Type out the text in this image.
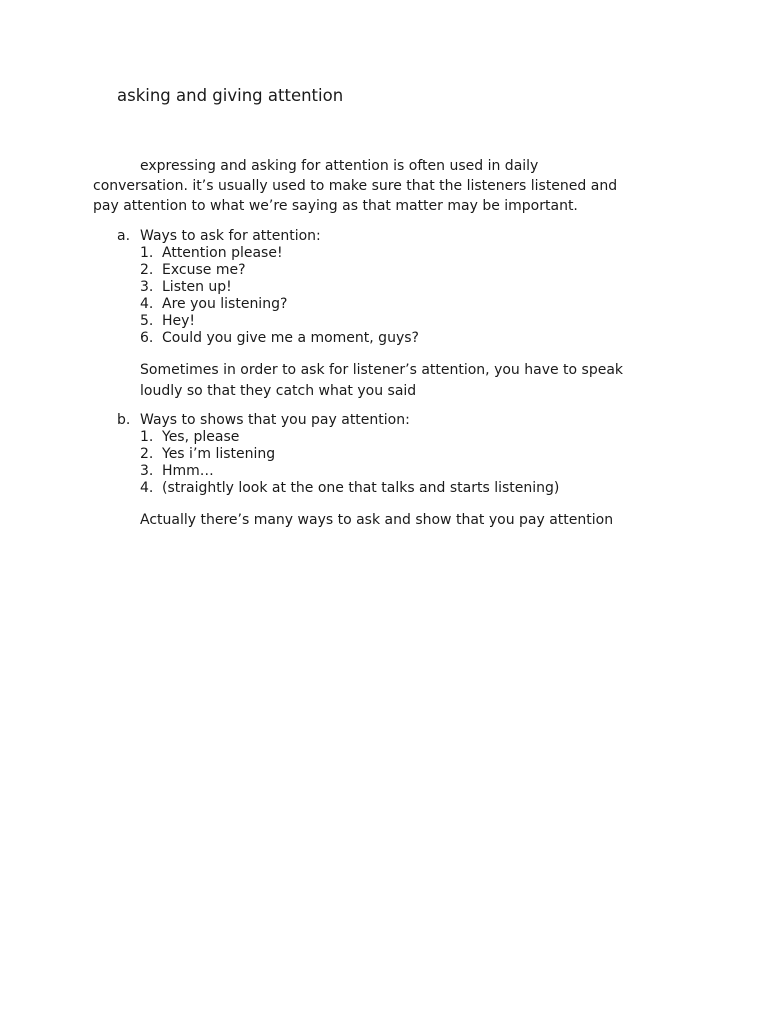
asking and giving attention

expressing and asking for attention is often used in daily
conversation. it’s usually used to make sure that the listeners listened and
pay attention to what we’re saying as that matter may be important.

a. Ways to ask for attention:
1. Attention please!
2. Excuse me?
3. Listen up!
4. Are you listening?
5. Hey!
6. Could you give me a moment, guys?

Sometimes in order to ask for listener’s attention, you have to speak
loudly so that they catch what you said

b. Ways to shows that you pay attention:
1. Yes, please
2. Yes i’m listening
3. Hmm…
4. (straightly look at the one that talks and starts listening)

Actually there’s many ways to ask and show that you pay attention
